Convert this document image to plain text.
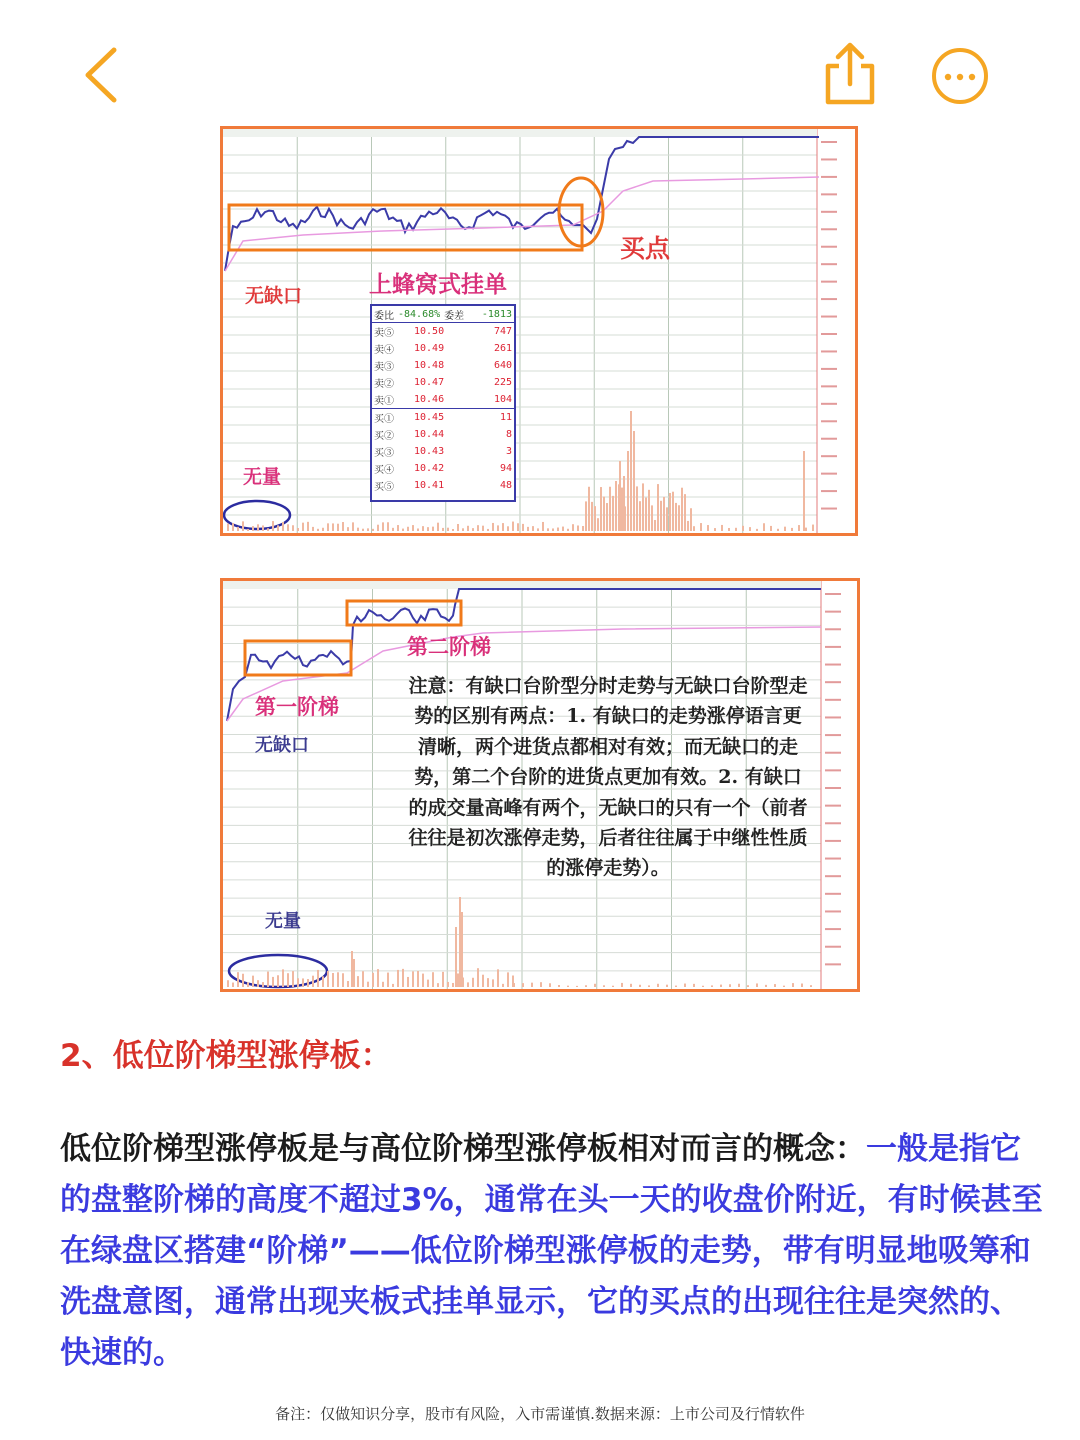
买点
无缺口	上蜂窝式挂单
无量
委比 -84.68% 委差 -1813
卖⑤	10.50	747
卖④	10.49	261
卖③	10.48	640
卖②	10.47	225
卖①	10.46	104
买①	10.45	11
买②	10.44	8
买③	10.43	3
买④	10.42	94
买⑤	10.41	48
第二阶梯
第一阶梯
无缺口
无量
注意：有缺口台阶型分时走势与无缺口台阶型走势的区别有两点：1. 有缺口的走势涨停语言更清晰，两个进货点都相对有效；而无缺口的走势，第二个台阶的进货点更加有效。2. 有缺口的成交量高峰有两个，无缺口的只有一个（前者往往是初次涨停走势，后者往往属于中继性性质的涨停走势）。
2、低位阶梯型涨停板：
低位阶梯型涨停板是与高位阶梯型涨停板相对而言的概念：一般是指它的盘整阶梯的高度不超过3%，通常在头一天的收盘价附近，有时候甚至在绿盘区搭建“阶梯”——低位阶梯型涨停板的走势，带有明显地吸筹和洗盘意图，通常出现夹板式挂单显示，它的买点的出现往往是突然的、快速的。
备注：仅做知识分享，股市有风险，入市需谨慎.数据来源：上市公司及行情软件
